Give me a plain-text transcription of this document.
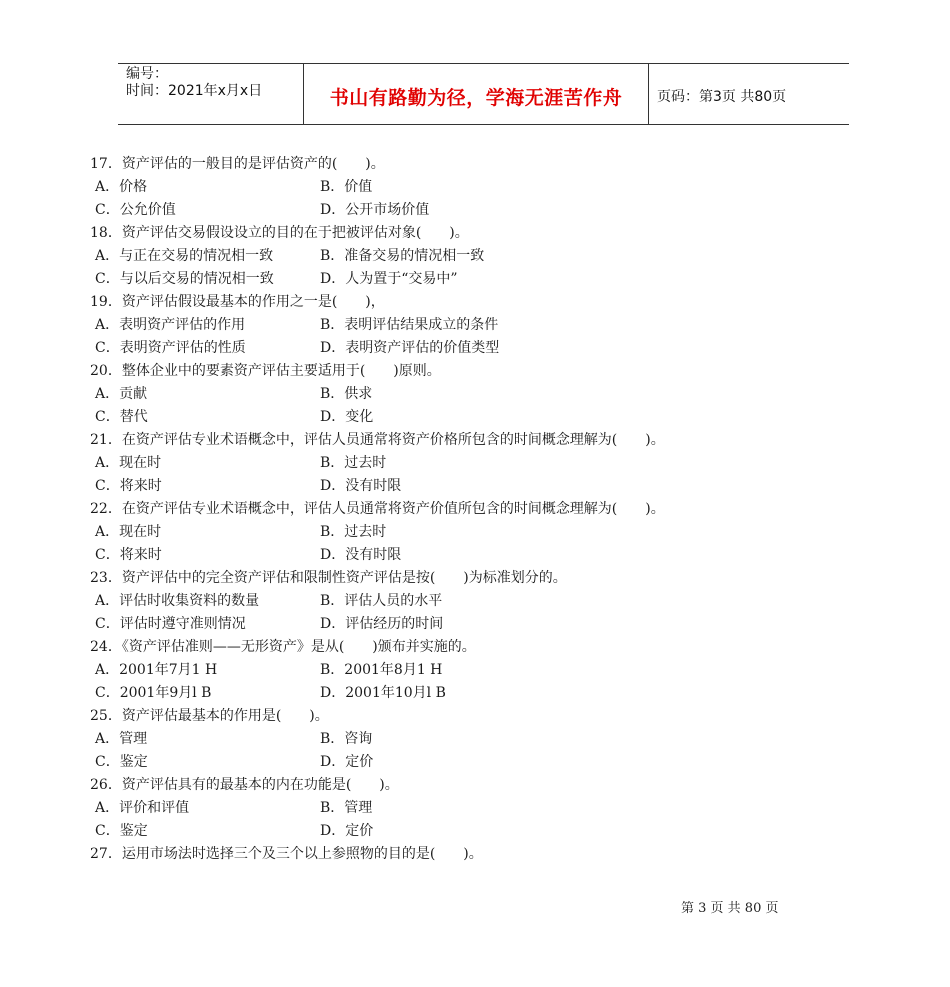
编号：
时间：2021年x月x日	书山有路勤为径，学海无涯苦作舟	页码：第3页 共80页
17．资产评估的一般目的是评估资产的(　　)。
A．价格	B．价值
C．公允价值	D．公开市场价值
18．资产评估交易假设设立的目的在于把被评估对象(　　)。
A．与正在交易的情况相一致	B．准备交易的情况相一致
C．与以后交易的情况相一致	D．人为置于“交易中”
19．资产评估假设最基本的作用之一是(　　)，
A．表明资产评估的作用	B．表明评估结果成立的条件
C．表明资产评估的性质	D．表明资产评估的价值类型
20．整体企业中的要素资产评估主要适用于(　　)原则。
A．贡献	B．供求
C．替代	D．变化
21．在资产评估专业术语概念中，评估人员通常将资产价格所包含的时间概念理解为(　　)。
A．现在时	B．过去时
C．将来时	D．没有时限
22．在资产评估专业术语概念中，评估人员通常将资产价值所包含的时间概念理解为(　　)。
A．现在时	B．过去时
C．将来时	D．没有时限
23．资产评估中的完全资产评估和限制性资产评估是按(　　)为标准划分的。
A．评估时收集资料的数量	B．评估人员的水平
C．评估时遵守准则情况	D．评估经历的时间
24．《资产评估准则——无形资产》是从(　　)颁布并实施的。
A．2001年7月1 H	B．2001年8月1 H
C．2001年9月l B	D．2001年10月l B
25．资产评估最基本的作用是(　　)。
A．管理	B．咨询
C．鉴定	D．定价
26．资产评估具有的最基本的内在功能是(　　)。
A．评价和评值	B．管理
C．鉴定	D．定价
27．运用市场法时选择三个及三个以上参照物的目的是(　　)。
第 3 页 共 80 页
